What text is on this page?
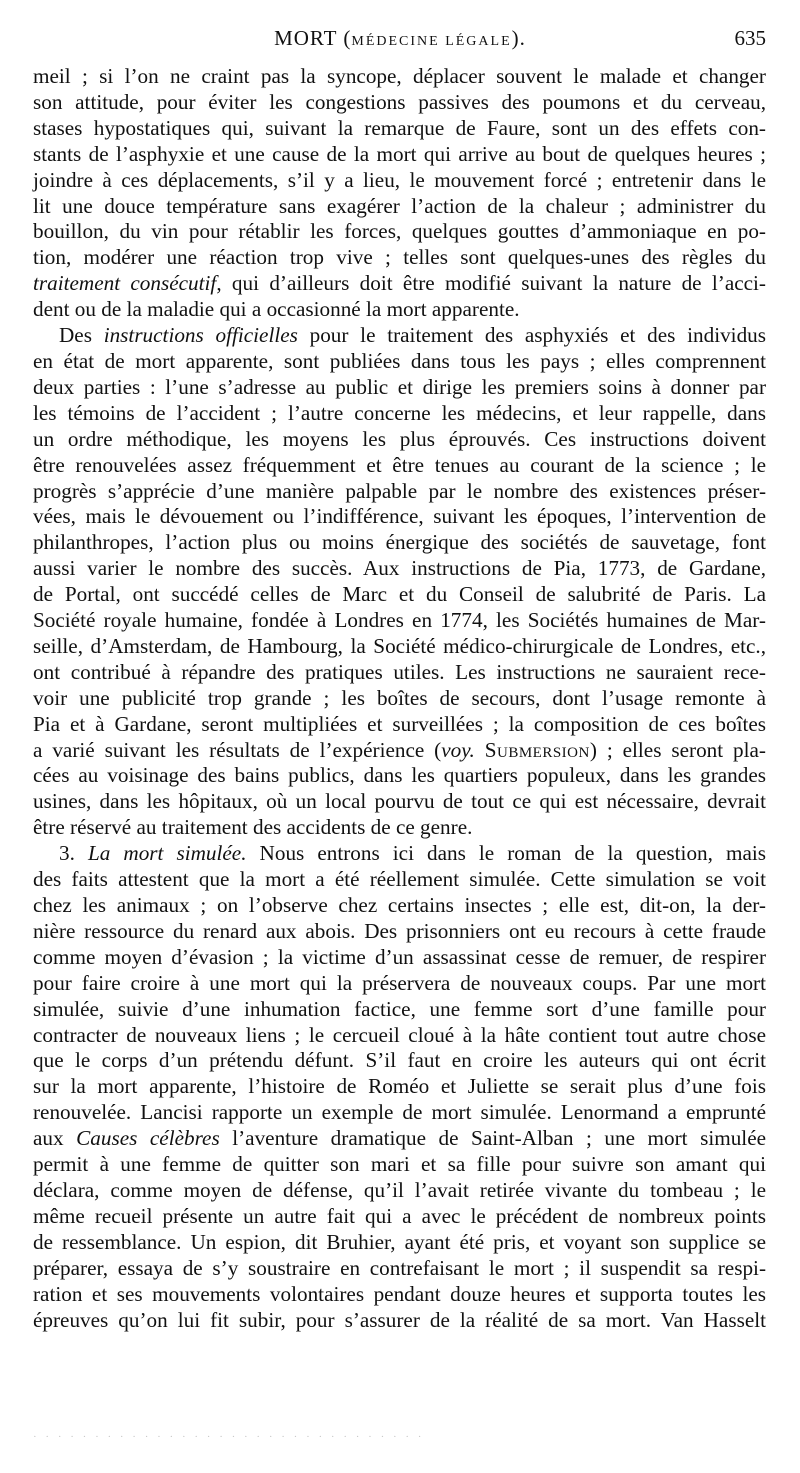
MORT (MÉDECINE LÉGALE).	635
meil ; si l’on ne craint pas la syncope, déplacer souvent le malade et changer
son attitude, pour éviter les congestions passives des poumons et du cerveau,
stases hypostatiques qui, suivant la remarque de Faure, sont un des effets con-
stants de l’asphyxie et une cause de la mort qui arrive au bout de quelques heures ;
joindre à ces déplacements, s’il y a lieu, le mouvement forcé ; entretenir dans le
lit une douce température sans exagérer l’action de la chaleur ; administrer du
bouillon, du vin pour rétablir les forces, quelques gouttes d’ammoniaque en po-
tion, modérer une réaction trop vive ; telles sont quelques-unes des règles du
traitement consécutif, qui d’ailleurs doit être modifié suivant la nature de l’acci-
dent ou de la maladie qui a occasionné la mort apparente.
Des instructions officielles pour le traitement des asphyxiés et des individus
en état de mort apparente, sont publiées dans tous les pays ; elles comprennent
deux parties : l’une s’adresse au public et dirige les premiers soins à donner par
les témoins de l’accident ; l’autre concerne les médecins, et leur rappelle, dans
un ordre méthodique, les moyens les plus éprouvés. Ces instructions doivent
être renouvelées assez fréquemment et être tenues au courant de la science ; le
progrès s’apprécie d’une manière palpable par le nombre des existences préser-
vées, mais le dévouement ou l’indifférence, suivant les époques, l’intervention de
philanthropes, l’action plus ou moins énergique des sociétés de sauvetage, font
aussi varier le nombre des succès. Aux instructions de Pia, 1773, de Gardane,
de Portal, ont succédé celles de Marc et du Conseil de salubrité de Paris. La
Société royale humaine, fondée à Londres en 1774, les Sociétés humaines de Mar-
seille, d’Amsterdam, de Hambourg, la Société médico-chirurgicale de Londres, etc.,
ont contribué à répandre des pratiques utiles. Les instructions ne sauraient rece-
voir une publicité trop grande ; les boîtes de secours, dont l’usage remonte à
Pia et à Gardane, seront multipliées et surveillées ; la composition de ces boîtes
a varié suivant les résultats de l’expérience (voy. Submersion) ; elles seront pla-
cées au voisinage des bains publics, dans les quartiers populeux, dans les grandes
usines, dans les hôpitaux, où un local pourvu de tout ce qui est nécessaire, devrait
être réservé au traitement des accidents de ce genre.
3. La mort simulée. Nous entrons ici dans le roman de la question, mais
des faits attestent que la mort a été réellement simulée. Cette simulation se voit
chez les animaux ; on l’observe chez certains insectes ; elle est, dit-on, la der-
nière ressource du renard aux abois. Des prisonniers ont eu recours à cette fraude
comme moyen d’évasion ; la victime d’un assassinat cesse de remuer, de respirer
pour faire croire à une mort qui la préservera de nouveaux coups. Par une mort
simulée, suivie d’une inhumation factice, une femme sort d’une famille pour
contracter de nouveaux liens ; le cercueil cloué à la hâte contient tout autre chose
que le corps d’un prétendu défunt. S’il faut en croire les auteurs qui ont écrit
sur la mort apparente, l’histoire de Roméo et Juliette se serait plus d’une fois
renouvelée. Lancisi rapporte un exemple de mort simulée. Lenormand a emprunté
aux Causes célèbres l’aventure dramatique de Saint-Alban ; une mort simulée
permit à une femme de quitter son mari et sa fille pour suivre son amant qui
déclara, comme moyen de défense, qu’il l’avait retirée vivante du tombeau ; le
même recueil présente un autre fait qui a avec le précédent de nombreux points
de ressemblance. Un espion, dit Bruhier, ayant été pris, et voyant son supplice se
préparer, essaya de s’y soustraire en contrefaisant le mort ; il suspendit sa respi-
ration et ses mouvements volontaires pendant douze heures et supporta toutes les
épreuves qu’on lui fit subir, pour s’assurer de la réalité de sa mort. Van Hasselt
· · · · · · · · · · · · · · · · · · · · · · · · · · · · · · · ·
